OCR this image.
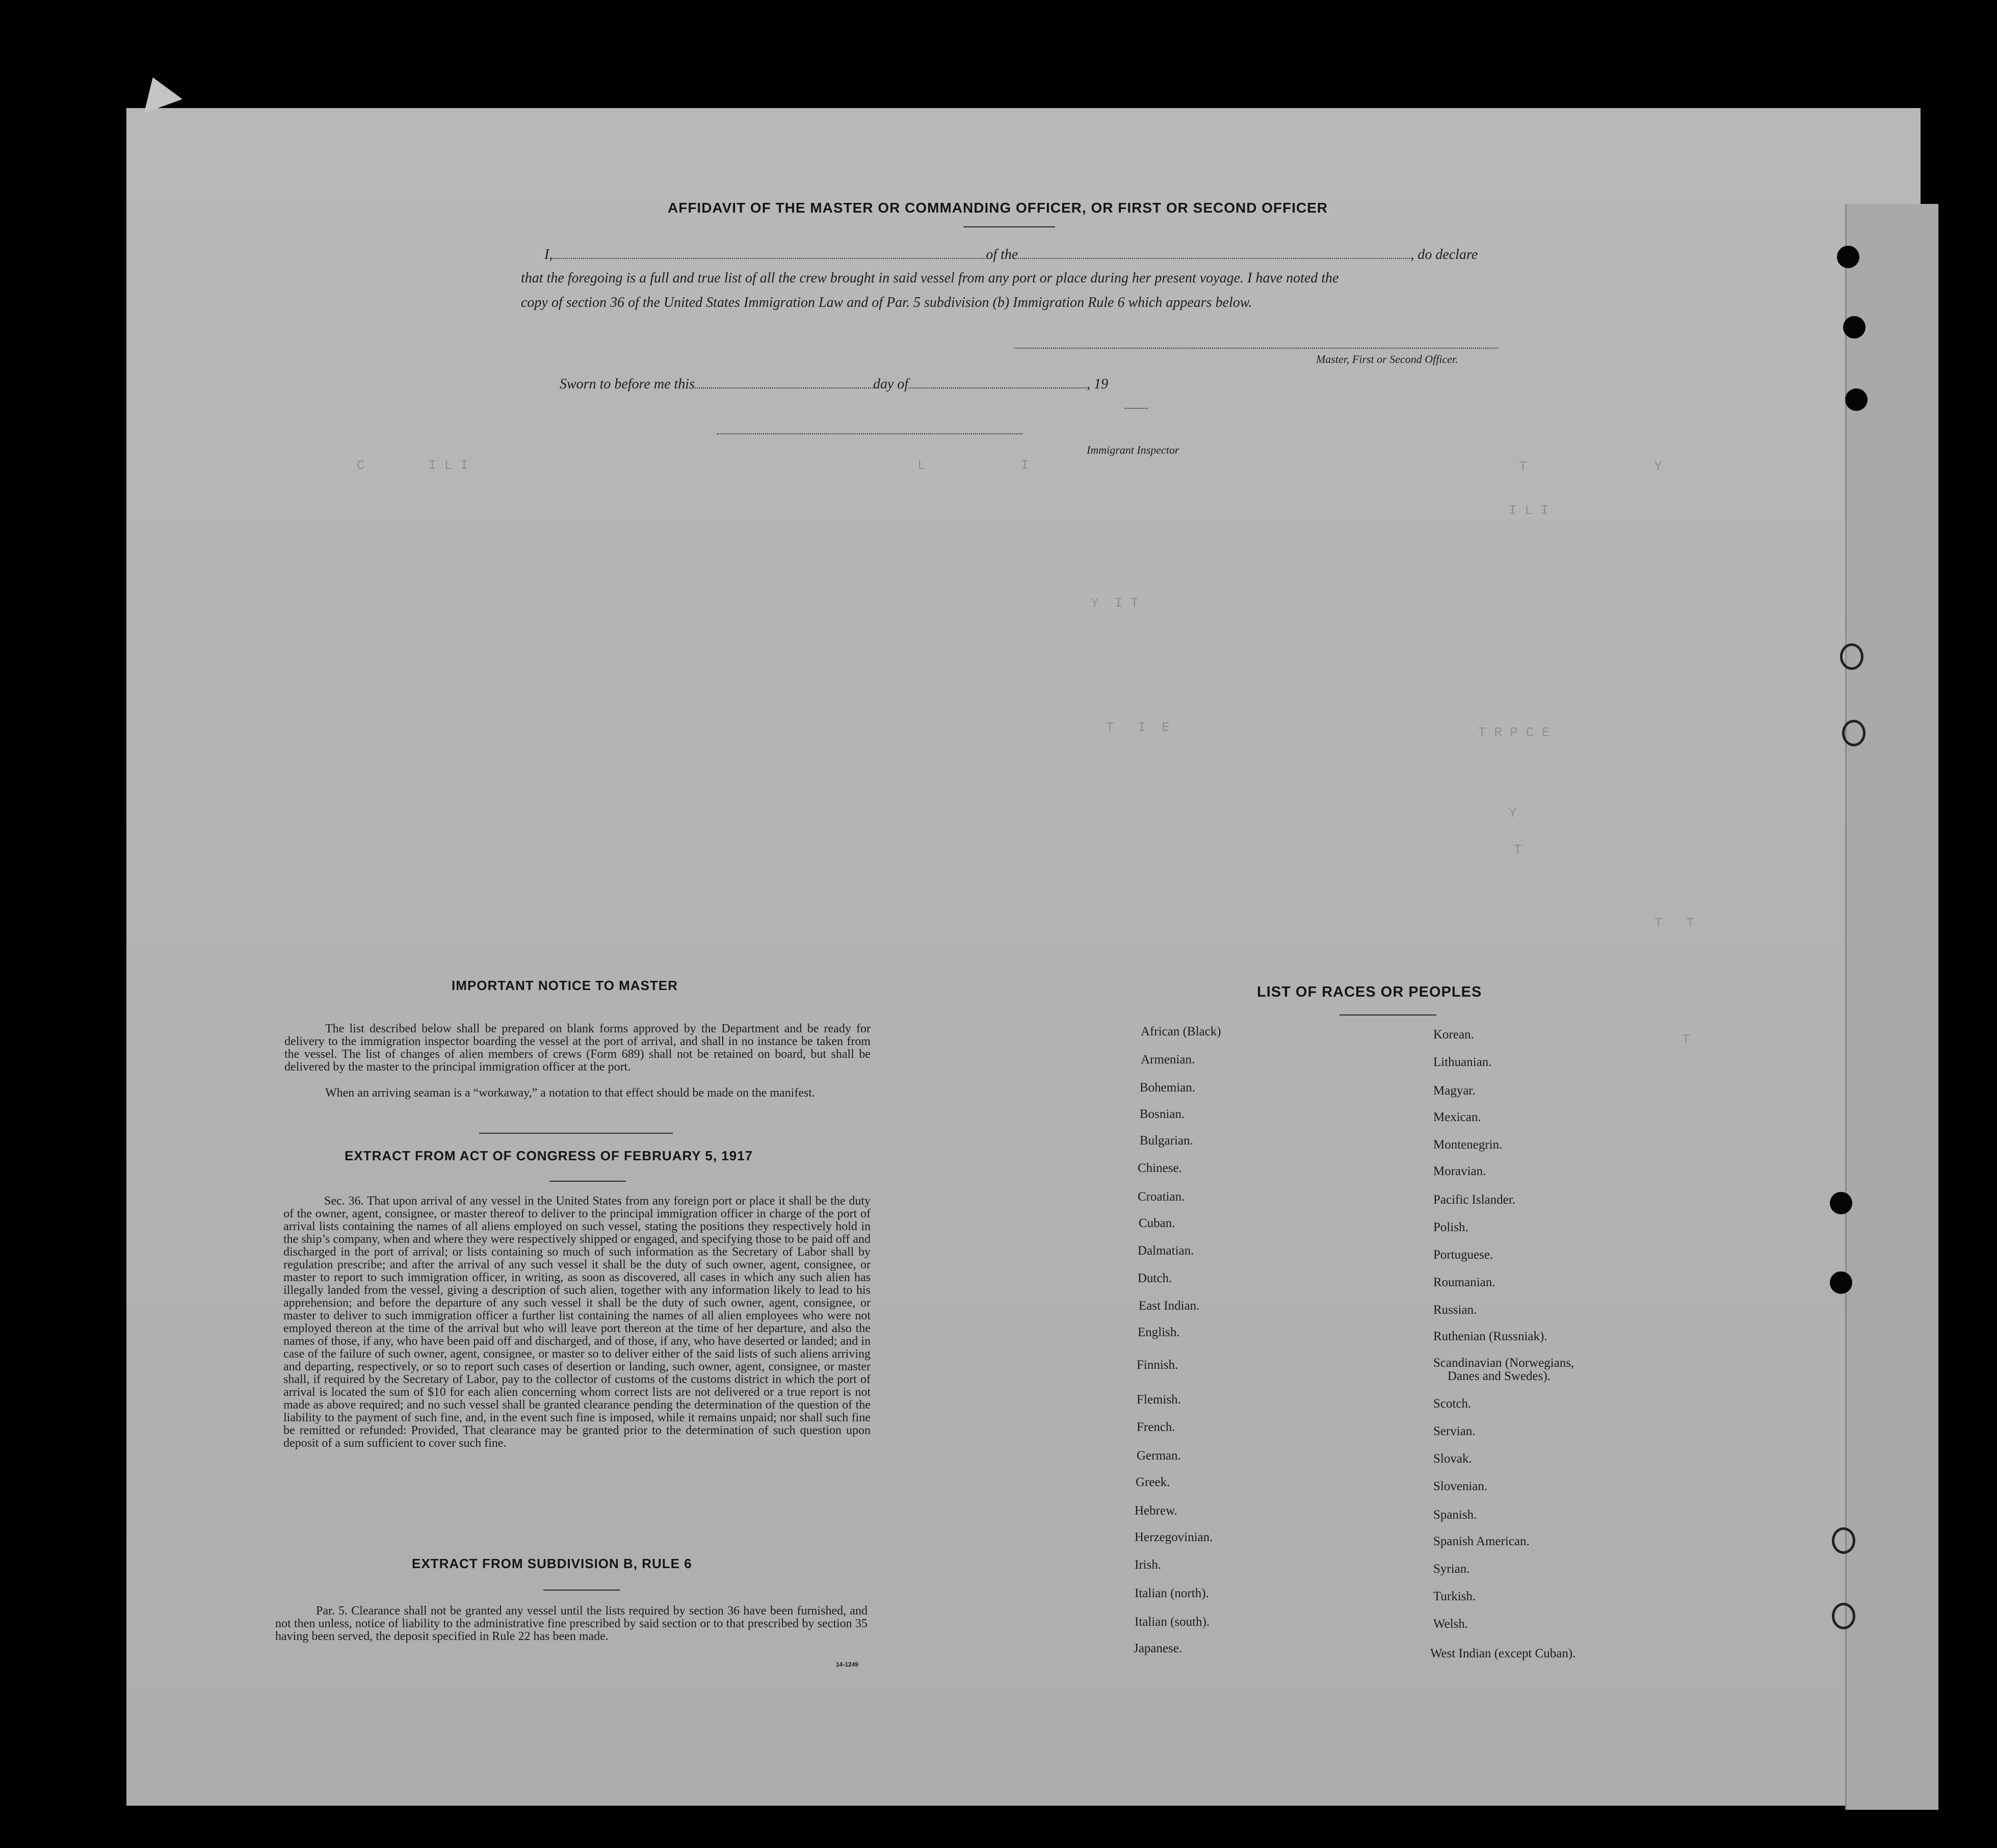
AFFIDAVIT OF THE MASTER OR COMMANDING OFFICER, OR FIRST OR SECOND OFFICER
I,	of the	, do declare
that the foregoing is a full and true list of all the crew brought in said vessel from any port or place during her present voyage. I have noted the
copy of section 36 of the United States Immigration Law and of Par. 5 subdivision (b) Immigration Rule 6 which appears below.
Master, First or Second Officer.
Sworn to before me this	day of	, 19
Immigrant Inspector
C        I L I	L            I	T                Y
I L I
Y  I T
T   I  E	T R P C E
Y
T
T   T
T
IMPORTANT NOTICE TO MASTER
The list described below shall be prepared on blank forms approved by the Department and be ready for delivery to the immigration inspector boarding the vessel at the port of arrival, and shall in no instance be taken from the vessel. The list of changes of alien members of crews (Form 689) shall not be retained on board, but shall be delivered by the master to the principal immigration officer at the port.
When an arriving seaman is a “workaway,” a notation to that effect should be made on the manifest.
EXTRACT FROM ACT OF CONGRESS OF FEBRUARY 5, 1917
Sec. 36. That upon arrival of any vessel in the United States from any foreign port or place it shall be the duty of the owner, agent, consignee, or master thereof to deliver to the principal immigration officer in charge of the port of arrival lists containing the names of all aliens employed on such vessel, stating the positions they respectively hold in the ship’s company, when and where they were respectively shipped or engaged, and specifying those to be paid off and discharged in the port of arrival; or lists containing so much of such information as the Secretary of Labor shall by regulation prescribe; and after the arrival of any such vessel it shall be the duty of such owner, agent, consignee, or master to report to such immigration officer, in writing, as soon as discovered, all cases in which any such alien has illegally landed from the vessel, giving a description of such alien, together with any information likely to lead to his apprehension; and before the departure of any such vessel it shall be the duty of such owner, agent, consignee, or master to deliver to such immigration officer a further list containing the names of all alien employees who were not employed thereon at the time of the arrival but who will leave port thereon at the time of her departure, and also the names of those, if any, who have been paid off and discharged, and of those, if any, who have deserted or landed; and in case of the failure of such owner, agent, consignee, or master so to deliver either of the said lists of such aliens arriving and departing, respectively, or so to report such cases of desertion or landing, such owner, agent, consignee, or master shall, if required by the Secretary of Labor, pay to the collector of customs of the customs district in which the port of arrival is located the sum of $10 for each alien concerning whom correct lists are not delivered or a true report is not made as above required; and no such vessel shall be granted clearance pending the determination of the question of the liability to the payment of such fine, and, in the event such fine is imposed, while it remains unpaid; nor shall such fine be remitted or refunded: Provided, That clearance may be granted prior to the determination of such question upon deposit of a sum sufficient to cover such fine.
EXTRACT FROM SUBDIVISION B, RULE 6
Par. 5. Clearance shall not be granted any vessel until the lists required by section 36 have been furnished, and not then unless, notice of liability to the administrative fine prescribed by said section or to that prescribed by section 35 having been served, the deposit specified in Rule 22 has been made.
14-1249
LIST OF RACES OR PEOPLES
African (Black)
Armenian.
Bohemian.
Bosnian.
Bulgarian.
Chinese.
Croatian.
Cuban.
Dalmatian.
Dutch.
East Indian.
English.
Finnish.
Flemish.
French.
German.
Greek.
Hebrew.
Herzegovinian.
Irish.
Italian (north).
Italian (south).
Japanese.
Korean.
Lithuanian.
Magyar.
Mexican.
Montenegrin.
Moravian.
Pacific Islander.
Polish.
Portuguese.
Roumanian.
Russian.
Ruthenian (Russniak).
Scandinavian (Norwegians,
Danes and Swedes).
Scotch.
Servian.
Slovak.
Slovenian.
Spanish.
Spanish American.
Syrian.
Turkish.
Welsh.
West Indian (except Cuban).
